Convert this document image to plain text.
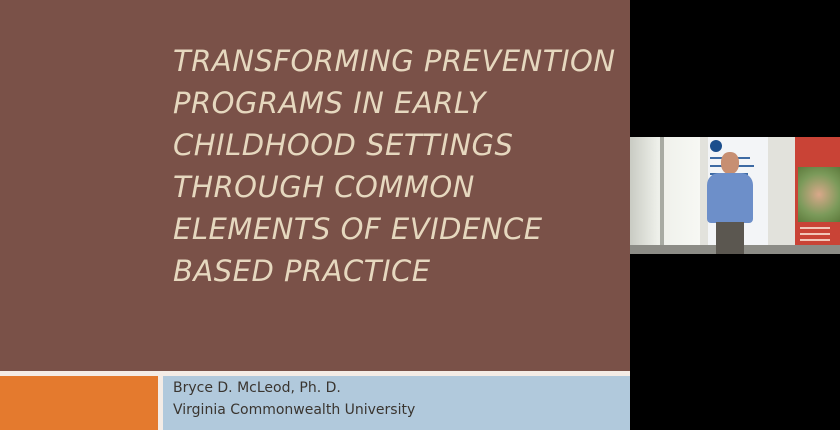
TRANSFORMING PREVENTION
PROGRAMS IN EARLY
CHILDHOOD SETTINGS
THROUGH COMMON
ELEMENTS OF EVIDENCE
BASED PRACTICE
Bryce D. McLeod, Ph. D.
Virginia Commonwealth University
